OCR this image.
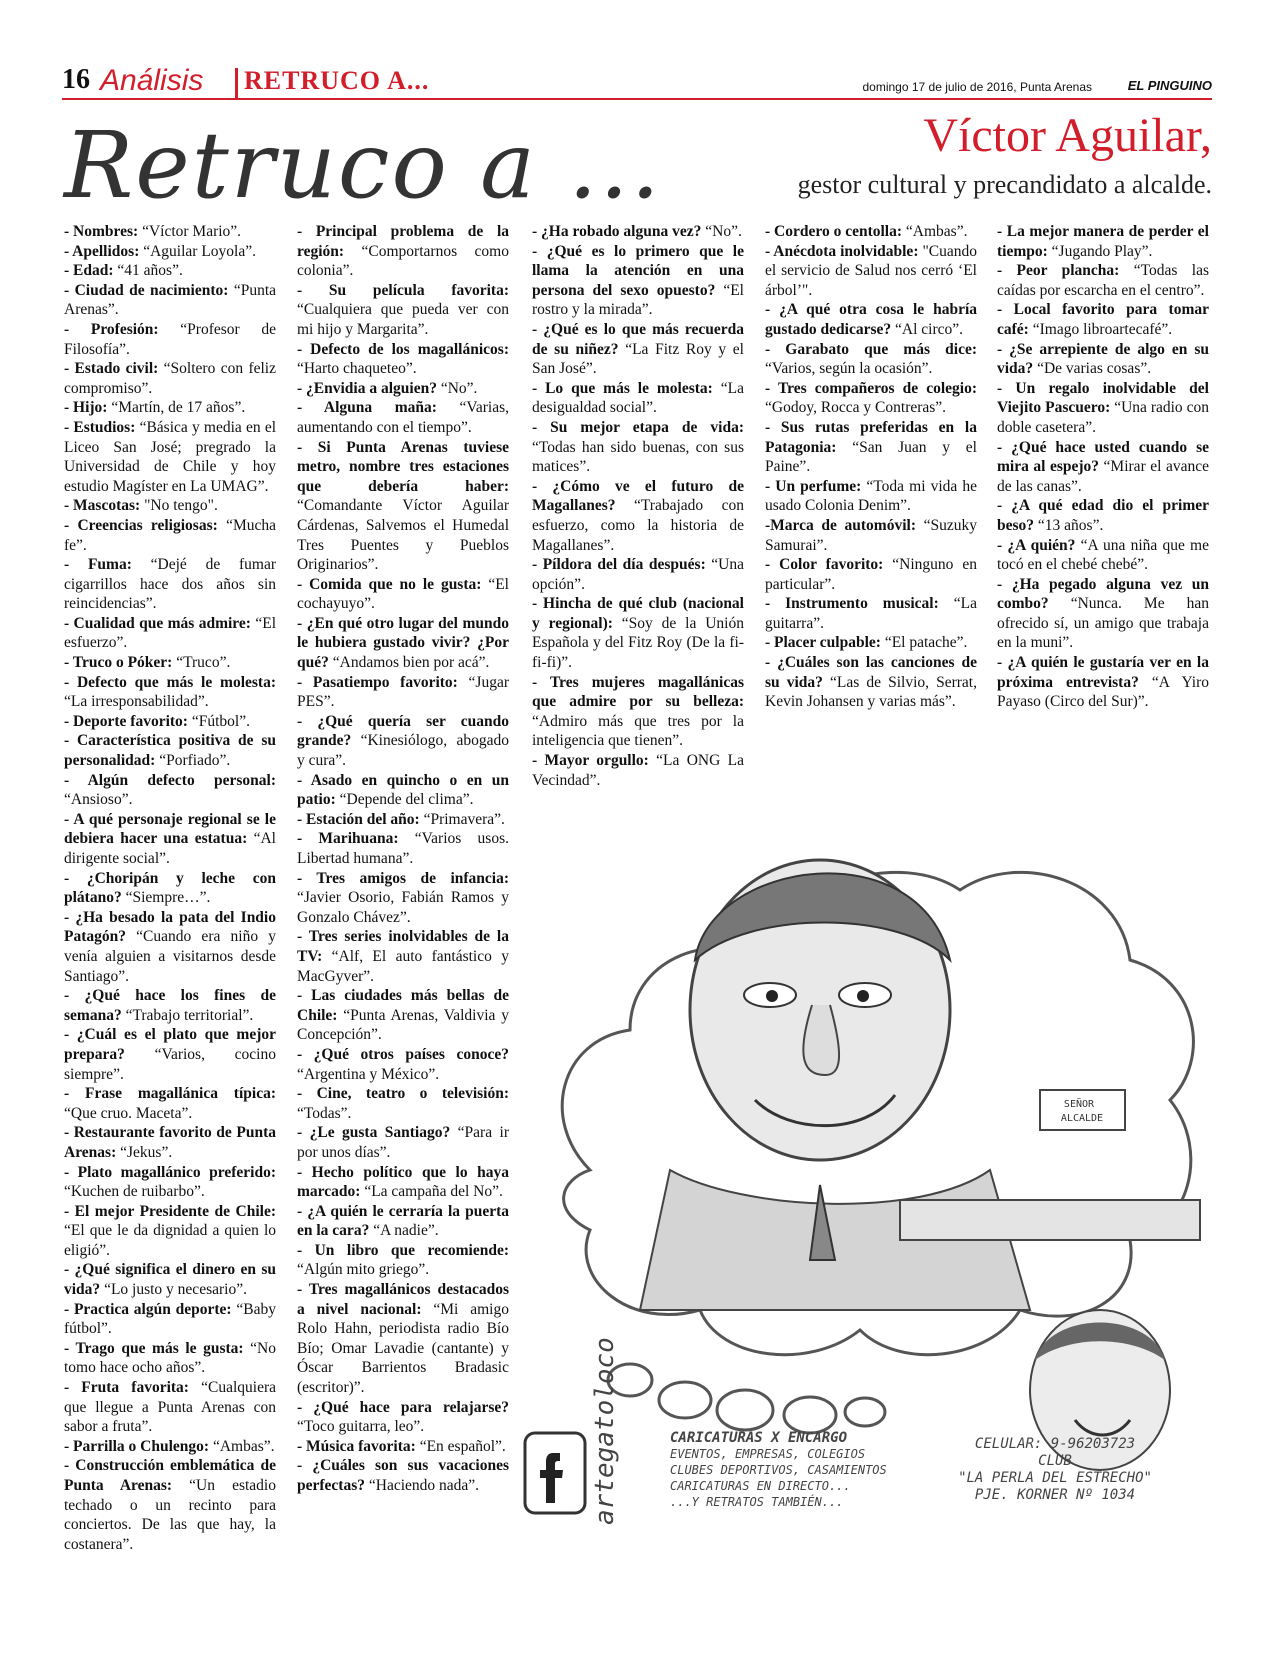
16 Análisis RETRUCO A...	domingo 17 de julio de 2016, Punta Arenas	EL PINGUINO
Retruco a ...	Víctor Aguilar,
gestor cultural y precandidato a alcalde.

- Nombres: “Víctor Mario”.

- Apellidos: “Aguilar Loyola”.

- Edad: “41 años”.

- Ciudad de nacimiento: “Punta Arenas”.

- Profesión: “Profesor de Filosofía”.

- Estado civil: “Soltero con feliz compromiso”.

- Hijo: “Martín, de 17 años”.

- Estudios: “Básica y media en el Liceo San José; pregrado la Universidad de Chile y hoy estudio Magíster en La UMAG”.

- Mascotas: "No tengo".

- Creencias religiosas: “Mucha fe”.

- Fuma: “Dejé de fumar cigarrillos hace dos años sin reincidencias”.

- Cualidad que más admire: “El esfuerzo”.

- Truco o Póker: “Truco”.

- Defecto que más le molesta: “La irresponsabilidad”.

- Deporte favorito: “Fútbol”.

- Característica positiva de su personalidad: “Porfiado”.

- Algún defecto personal: “Ansioso”.

- A qué personaje regional se le debiera hacer una estatua: “Al dirigente social”.

- ¿Choripán y leche con plátano? “Siempre…”.

- ¿Ha besado la pata del Indio Patagón? “Cuando era niño y venía alguien a visitarnos desde Santiago”.

- ¿Qué hace los fines de semana? “Trabajo territorial”.

- ¿Cuál es el plato que mejor prepara? “Varios, cocino siempre”.

- Frase magallánica típica: “Que cruo. Maceta”.

- Restaurante favorito de Punta Arenas: “Jekus”.

- Plato magallánico preferido: “Kuchen de ruibarbo”.

- El mejor Presidente de Chile: “El que le da dignidad a quien lo eligió”.

- ¿Qué significa el dinero en su vida? “Lo justo y necesario”.

- Practica algún deporte: “Baby fútbol”.

- Trago que más le gusta: “No tomo hace ocho años”.

- Fruta favorita: “Cualquiera que llegue a Punta Arenas con sabor a fruta”.

- Parrilla o Chulengo: “Ambas”.

- Construcción emblemática de Punta Arenas: “Un estadio techado o un recinto para conciertos. De las que hay, la costanera”.

- Principal problema de la región: “Comportarnos como colonia”.

- Su película favorita: “Cualquiera que pueda ver con mi hijo y Margarita”.

- Defecto de los magallánicos: “Harto chaqueteo”.

- ¿Envidia a alguien? “No”.

- Alguna maña: “Varias, aumentando con el tiempo”.

- Si Punta Arenas tuviese metro, nombre tres estaciones que debería haber: “Comandante Víctor Aguilar Cárdenas, Salvemos el Humedal Tres Puentes y Pueblos Originarios”.

- Comida que no le gusta: “El cochayuyo”.

- ¿En qué otro lugar del mundo le hubiera gustado vivir? ¿Por qué? “Andamos bien por acá”.

- Pasatiempo favorito: “Jugar PES”.

- ¿Qué quería ser cuando grande? “Kinesiólogo, abogado y cura”.

- Asado en quincho o en un patio: “Depende del clima”.

- Estación del año: “Primavera”.

- Marihuana: “Varios usos. Libertad humana”.

- Tres amigos de infancia: “Javier Osorio, Fabián Ramos y Gonzalo Chávez”.

- Tres series inolvidables de la TV: “Alf, El auto fantástico y MacGyver”.

- Las ciudades más bellas de Chile: “Punta Arenas, Valdivia y Concepción”.

- ¿Qué otros países conoce? “Argentina y México”.

- Cine, teatro o televisión: “Todas”.

- ¿Le gusta Santiago? “Para ir por unos días”.

- Hecho político que lo haya marcado: “La campaña del No”.

- ¿A quién le cerraría la puerta en la cara? “A nadie”.

- Un libro que recomiende: “Algún mito griego”.

- Tres magallánicos destacados a nivel nacional: “Mi amigo Rolo Hahn, periodista radio Bío Bío; Omar Lavadie (cantante) y Óscar Barrientos Bradasic (escritor)”.

- ¿Qué hace para relajarse? “Toco guitarra, leo”.

- Música favorita: “En español”.

- ¿Cuáles son sus vacaciones perfectas? “Haciendo nada”.

- ¿Ha robado alguna vez? “No”.

- ¿Qué es lo primero que le llama la atención en una persona del sexo opuesto? “El rostro y la mirada”.

- ¿Qué es lo que más recuerda de su niñez? “La Fitz Roy y el San José”.

- Lo que más le molesta: “La desigualdad social”.

- Su mejor etapa de vida: “Todas han sido buenas, con sus matices”.

- ¿Cómo ve el futuro de Magallanes? “Trabajado con esfuerzo, como la historia de Magallanes”.

- Píldora del día después: “Una opción”.

- Hincha de qué club (nacional y regional): “Soy de la Unión Española y del Fitz Roy (De la fi-fi-fi)”.

- Tres mujeres magallánicas que admire por su belleza: “Admiro más que tres por la inteligencia que tienen”.

- Mayor orgullo: “La ONG La Vecindad”.

- Cordero o centolla: “Ambas”.

- Anécdota inolvidable: "Cuando el servicio de Salud nos cerró ‘El árbol’".

- ¿A qué otra cosa le habría gustado dedicarse? “Al circo”.

- Garabato que más dice: “Varios, según la ocasión”.

- Tres compañeros de colegio: “Godoy, Rocca y Contreras”.

- Sus rutas preferidas en la Patagonia: “San Juan y el Paine”.

- Un perfume: “Toda mi vida he usado Colonia Denim”.

-Marca de automóvil: “Suzuky Samurai”.

- Color favorito: “Ninguno en particular”.

- Instrumento musical: “La guitarra”.

- Placer culpable: “El patache”.

- ¿Cuáles son las canciones de su vida? “Las de Silvio, Serrat, Kevin Johansen y varias más”.

- La mejor manera de perder el tiempo: “Jugando Play”.

- Peor plancha: “Todas las caídas por escarcha en el centro”.

- Local favorito para tomar café: “Imago libroartecafé”.

- ¿Se arrepiente de algo en su vida? “De varias cosas”.

- Un regalo inolvidable del Viejito Pascuero: “Una radio con doble casetera”.

- ¿Qué hace usted cuando se mira al espejo? “Mirar el avance de las canas”.

- ¿A qué edad dio el primer beso? “13 años”.

- ¿A quién? “A una niña que me tocó en el chebé chebé”.

- ¿Ha pegado alguna vez un combo? “Nunca. Me han ofrecido sí, un amigo que trabaja en la muni”.

- ¿A quién le gustaría ver en la próxima entrevista? “A Yiro Payaso (Circo del Sur)”.

SEÑOR ALCALDE
artegatoloco	CARICATURAS X ENCARGO
EVENTOS, EMPRESAS, COLEGIOS
CLUBES DEPORTIVOS, CASAMIENTOS
CARICATURAS EN DIRECTO...
...Y RETRATOS TAMBIÉN...
CELULAR: 9-96203723
CLUB
"LA PERLA DEL ESTRECHO"
PJE. KORNER Nº 1034
